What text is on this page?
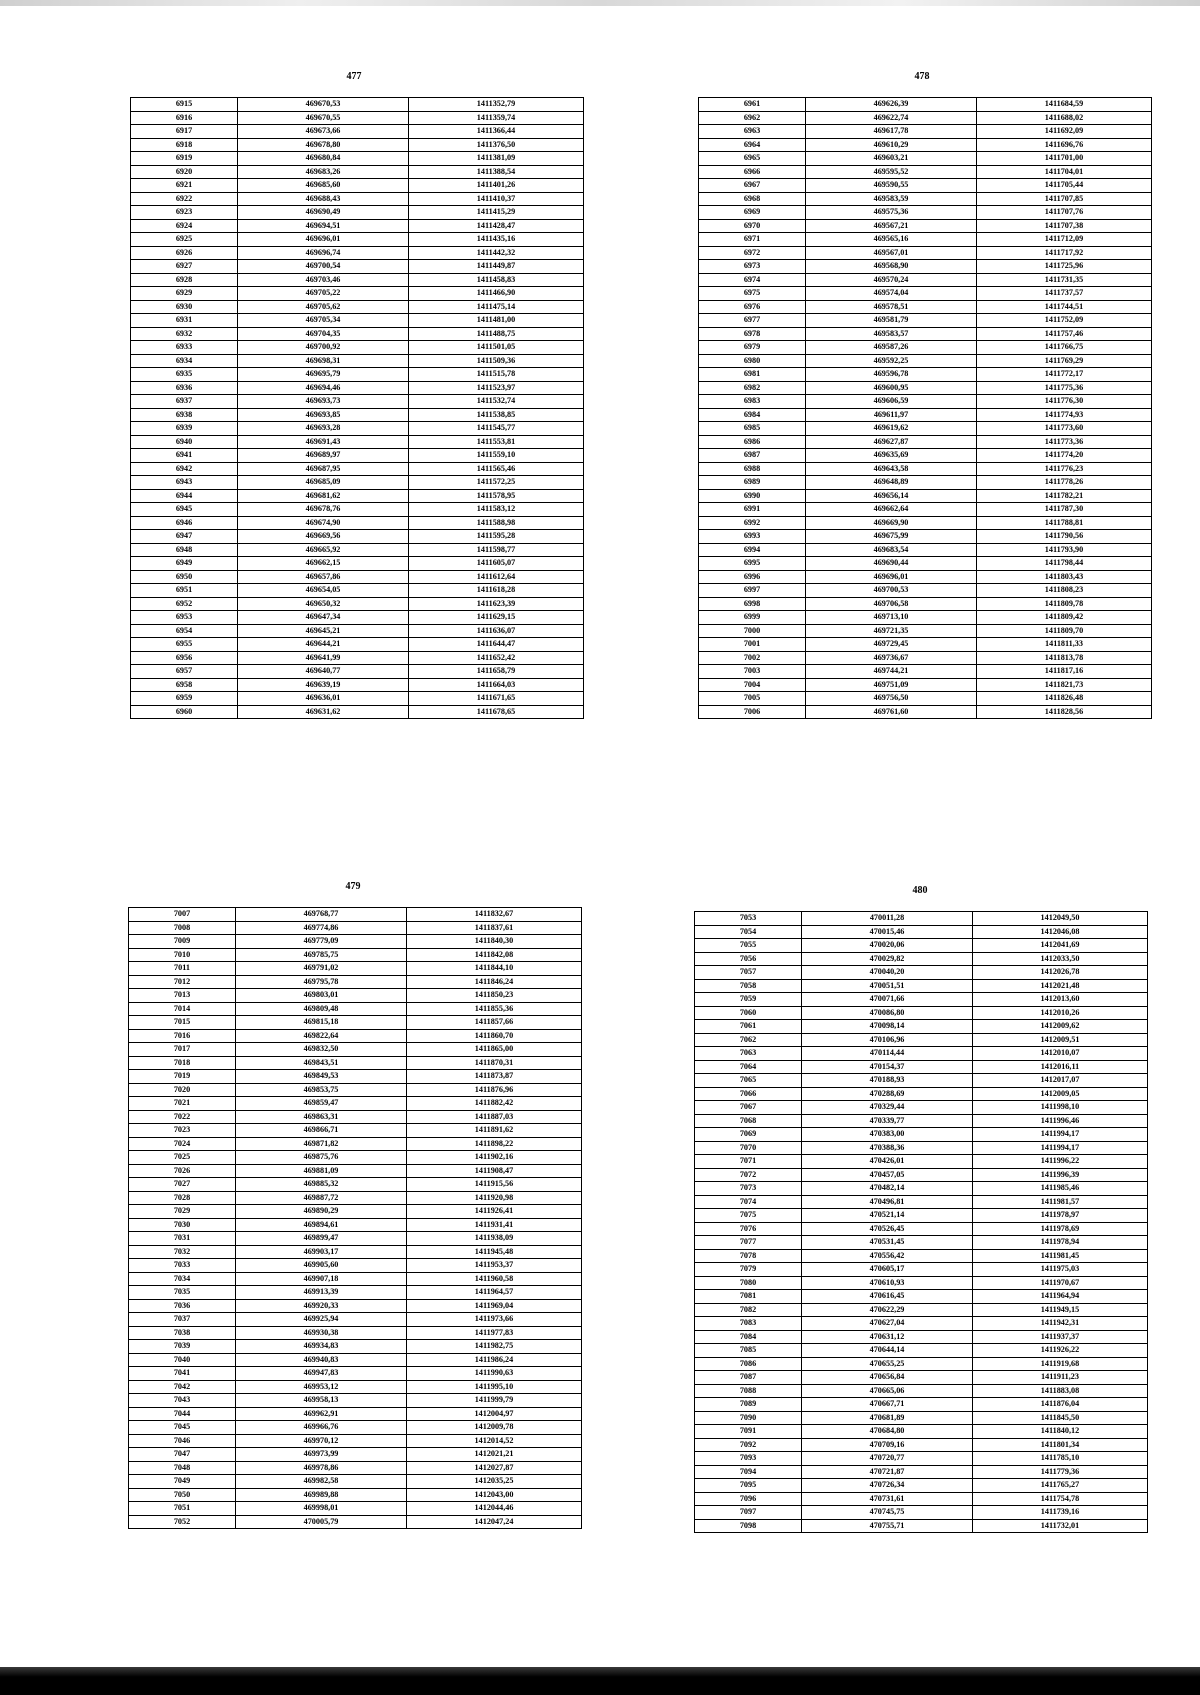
477
6915	469670,53	1411352,79
6916	469670,55	1411359,74
6917	469673,66	1411366,44
6918	469678,80	1411376,50
6919	469680,84	1411381,09
6920	469683,26	1411388,54
6921	469685,60	1411401,26
6922	469688,43	1411410,37
6923	469690,49	1411415,29
6924	469694,51	1411428,47
6925	469696,01	1411435,16
6926	469696,74	1411442,32
6927	469700,54	1411449,87
6928	469703,46	1411458,83
6929	469705,22	1411466,90
6930	469705,62	1411475,14
6931	469705,34	1411481,00
6932	469704,35	1411488,75
6933	469700,92	1411501,05
6934	469698,31	1411509,36
6935	469695,79	1411515,78
6936	469694,46	1411523,97
6937	469693,73	1411532,74
6938	469693,85	1411538,85
6939	469693,28	1411545,77
6940	469691,43	1411553,81
6941	469689,97	1411559,10
6942	469687,95	1411565,46
6943	469685,09	1411572,25
6944	469681,62	1411578,95
6945	469678,76	1411583,12
6946	469674,90	1411588,98
6947	469669,56	1411595,28
6948	469665,92	1411598,77
6949	469662,15	1411605,07
6950	469657,86	1411612,64
6951	469654,05	1411618,28
6952	469650,32	1411623,39
6953	469647,34	1411629,15
6954	469645,21	1411636,07
6955	469644,21	1411644,47
6956	469641,99	1411652,42
6957	469640,77	1411658,79
6958	469639,19	1411664,03
6959	469636,01	1411671,65
6960	469631,62	1411678,65
478
6961	469626,39	1411684,59
6962	469622,74	1411688,02
6963	469617,78	1411692,09
6964	469610,29	1411696,76
6965	469603,21	1411701,00
6966	469595,52	1411704,01
6967	469590,55	1411705,44
6968	469583,59	1411707,85
6969	469575,36	1411707,76
6970	469567,21	1411707,38
6971	469565,16	1411712,09
6972	469567,01	1411717,92
6973	469568,90	1411725,96
6974	469570,24	1411731,35
6975	469574,04	1411737,57
6976	469578,51	1411744,51
6977	469581,79	1411752,09
6978	469583,57	1411757,46
6979	469587,26	1411766,75
6980	469592,25	1411769,29
6981	469596,78	1411772,17
6982	469600,95	1411775,36
6983	469606,59	1411776,30
6984	469611,97	1411774,93
6985	469619,62	1411773,60
6986	469627,87	1411773,36
6987	469635,69	1411774,20
6988	469643,58	1411776,23
6989	469648,89	1411778,26
6990	469656,14	1411782,21
6991	469662,64	1411787,30
6992	469669,90	1411788,81
6993	469675,99	1411790,56
6994	469683,54	1411793,90
6995	469690,44	1411798,44
6996	469696,01	1411803,43
6997	469700,53	1411808,23
6998	469706,58	1411809,78
6999	469713,10	1411809,42
7000	469721,35	1411809,70
7001	469729,45	1411811,33
7002	469736,67	1411813,78
7003	469744,21	1411817,16
7004	469751,09	1411821,73
7005	469756,50	1411826,48
7006	469761,60	1411828,56
479
7007	469768,77	1411832,67
7008	469774,86	1411837,61
7009	469779,09	1411840,30
7010	469785,75	1411842,08
7011	469791,02	1411844,10
7012	469795,78	1411846,24
7013	469803,01	1411850,23
7014	469809,48	1411855,36
7015	469815,18	1411857,66
7016	469822,64	1411860,70
7017	469832,50	1411865,00
7018	469843,51	1411870,31
7019	469849,53	1411873,87
7020	469853,75	1411876,96
7021	469859,47	1411882,42
7022	469863,31	1411887,03
7023	469866,71	1411891,62
7024	469871,82	1411898,22
7025	469875,76	1411902,16
7026	469881,09	1411908,47
7027	469885,32	1411915,56
7028	469887,72	1411920,98
7029	469890,29	1411926,41
7030	469894,61	1411931,41
7031	469899,47	1411938,09
7032	469903,17	1411945,48
7033	469905,60	1411953,37
7034	469907,18	1411960,58
7035	469913,39	1411964,57
7036	469920,33	1411969,04
7037	469925,94	1411973,66
7038	469930,38	1411977,83
7039	469934,83	1411982,75
7040	469940,83	1411986,24
7041	469947,83	1411990,63
7042	469953,12	1411995,10
7043	469958,13	1411999,79
7044	469962,91	1412004,97
7045	469966,76	1412009,78
7046	469970,12	1412014,52
7047	469973,99	1412021,21
7048	469978,86	1412027,87
7049	469982,58	1412035,25
7050	469989,88	1412043,00
7051	469998,01	1412044,46
7052	470005,79	1412047,24
480
7053	470011,28	1412049,50
7054	470015,46	1412046,08
7055	470020,06	1412041,69
7056	470029,82	1412033,50
7057	470040,20	1412026,78
7058	470051,51	1412021,48
7059	470071,66	1412013,60
7060	470086,80	1412010,26
7061	470098,14	1412009,62
7062	470106,96	1412009,51
7063	470114,44	1412010,07
7064	470154,37	1412016,11
7065	470188,93	1412017,07
7066	470288,69	1412009,05
7067	470329,44	1411998,10
7068	470339,77	1411996,46
7069	470383,00	1411994,17
7070	470388,36	1411994,17
7071	470426,01	1411996,22
7072	470457,05	1411996,39
7073	470482,14	1411985,46
7074	470496,81	1411981,57
7075	470521,14	1411978,97
7076	470526,45	1411978,69
7077	470531,45	1411978,94
7078	470556,42	1411981,45
7079	470605,17	1411975,03
7080	470610,93	1411970,67
7081	470616,45	1411964,94
7082	470622,29	1411949,15
7083	470627,04	1411942,31
7084	470631,12	1411937,37
7085	470644,14	1411926,22
7086	470655,25	1411919,68
7087	470656,84	1411911,23
7088	470665,06	1411883,08
7089	470667,71	1411876,04
7090	470681,89	1411845,50
7091	470684,80	1411840,12
7092	470709,16	1411801,34
7093	470720,77	1411785,10
7094	470721,87	1411779,36
7095	470726,34	1411765,27
7096	470731,61	1411754,78
7097	470745,75	1411739,16
7098	470755,71	1411732,01
